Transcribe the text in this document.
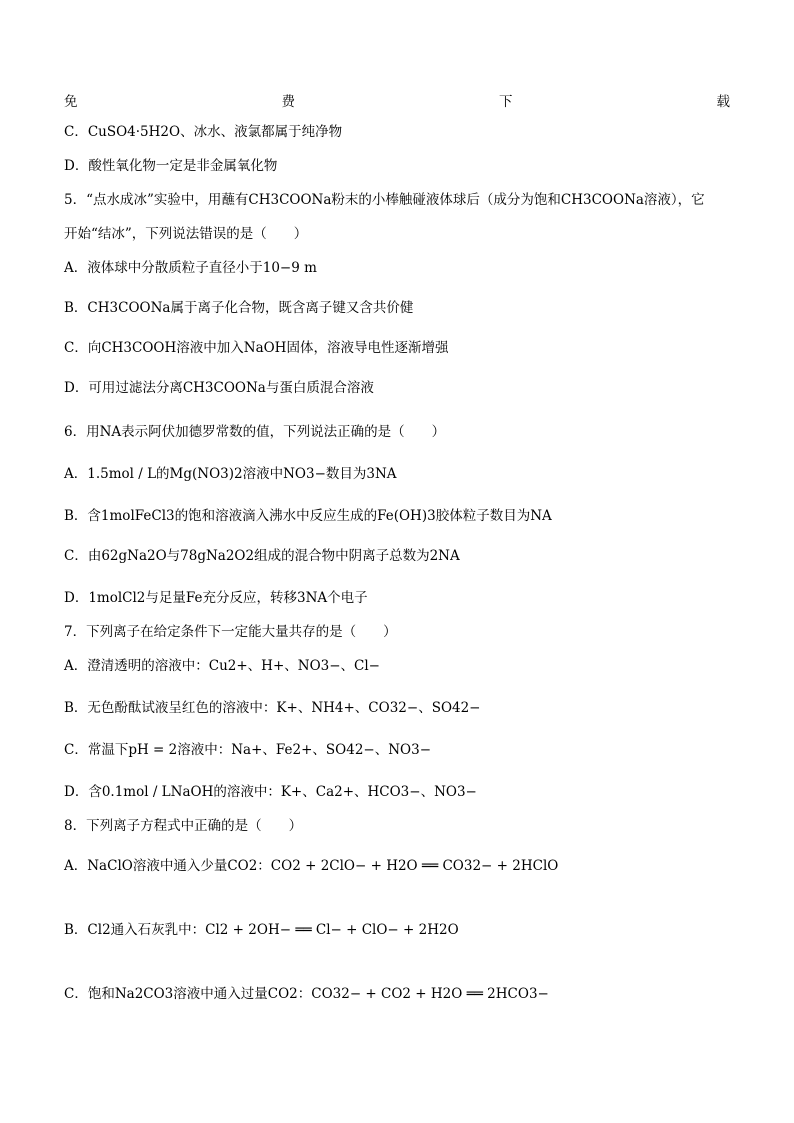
免	费	下	载
C．CuSO4·5H2O、冰水、液氯都属于纯净物
D．酸性氧化物一定是非金属氧化物
5．“点水成冰”实验中，用蘸有CH3COONa粉末的小棒触碰液体球后（成分为饱和CH3COONa溶液），它
开始“结冰”，下列说法错误的是（　　）
A．液体球中分散质粒子直径小于10−9 m
B．CH3COONa属于离子化合物，既含离子键又含共价健
C．向CH3COOH溶液中加入NaOH固体，溶液导电性逐渐增强
D．可用过滤法分离CH3COONa与蛋白质混合溶液
6．用NA表示阿伏加德罗常数的值，下列说法正确的是（　　）
A．1.5mol / L的Mg(NO3)2溶液中NO3−数目为3NA
B．含1molFeCl3的饱和溶液滴入沸水中反应生成的Fe(OH)3胶体粒子数目为NA
C．由62gNa2O与78gNa2O2组成的混合物中阴离子总数为2NA
D．1molCl2与足量Fe充分反应，转移3NA个电子
7．下列离子在给定条件下一定能大量共存的是（　　）
A．澄清透明的溶液中：Cu2+、H+、NO3−、Cl−
B．无色酚酞试液呈红色的溶液中：K+、NH4+、CO32−、SO42−
C．常温下pH = 2溶液中：Na+、Fe2+、SO42−、NO3−
D．含0.1mol / LNaOH的溶液中：K+、Ca2+、HCO3−、NO3−
8．下列离子方程式中正确的是（　　）
A．NaClO溶液中通入少量CO2：CO2 + 2ClO− + H2O ══ CO32− + 2HClO
B．Cl2通入石灰乳中：Cl2 + 2OH− ══ Cl− + ClO− + 2H2O
C．饱和Na2CO3溶液中通入过量CO2：CO32− + CO2 + H2O ══ 2HCO3−
